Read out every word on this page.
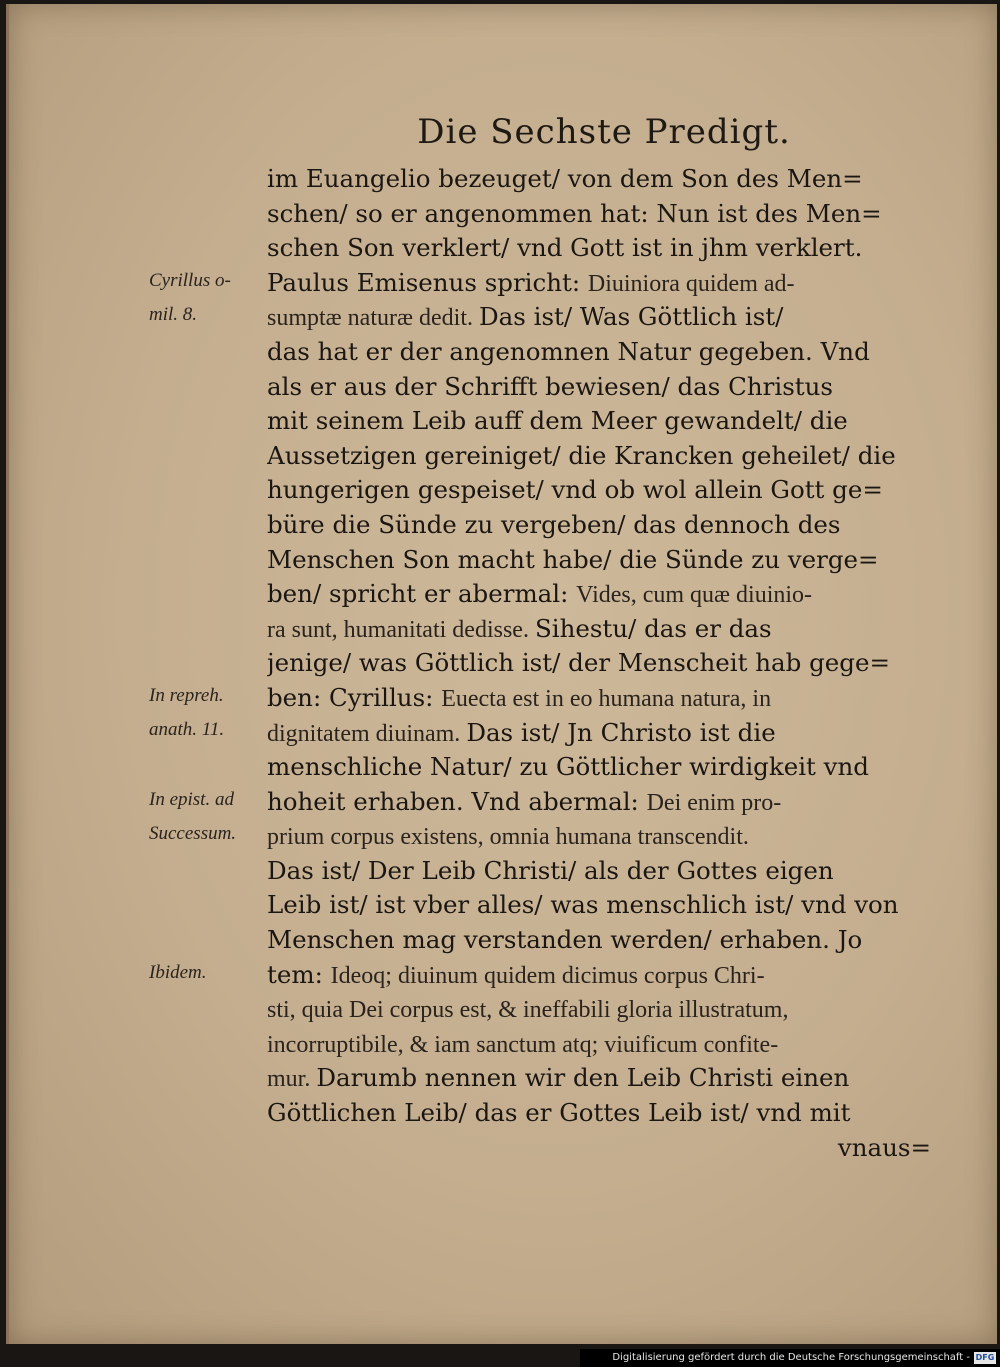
Die Sechste Predigt.
im Euangelio bezeuget/ von dem Son des Men=
schen/ so er angenommen hat: Nun ist des Men=
schen Son verklert/ vnd Gott ist in jhm verklert.
Paulus Emisenus spricht: Diuiniora quidem ad-
sumptæ naturæ dedit. Das ist/ Was Göttlich ist/
das hat er der angenomnen Natur gegeben. Vnd
als er aus der Schrifft bewiesen/ das Christus
mit seinem Leib auff dem Meer gewandelt/ die
Aussetzigen gereiniget/ die Krancken geheilet/ die
hungerigen gespeiset/ vnd ob wol allein Gott ge=
büre die Sünde zu vergeben/ das dennoch des
Menschen Son macht habe/ die Sünde zu verge=
ben/ spricht er abermal: Vides, cum quæ diuinio-
ra sunt, humanitati dedisse. Sihestu/ das er das
jenige/ was Göttlich ist/ der Menscheit hab gege=
ben: Cyrillus: Euecta est in eo humana natura, in
dignitatem diuinam. Das ist/ Jn Christo ist die
menschliche Natur/ zu Göttlicher wirdigkeit vnd
hoheit erhaben. Vnd abermal: Dei enim pro-
prium corpus existens, omnia humana transcendit.
Das ist/ Der Leib Christi/ als der Gottes eigen
Leib ist/ ist vber alles/ was menschlich ist/ vnd von
Menschen mag verstanden werden/ erhaben. Jo
tem: Ideoq; diuinum quidem dicimus corpus Chri-
sti, quia Dei corpus est, & ineffabili gloria illustratum,
incorruptibile, & iam sanctum atq; viuificum confite-
mur. Darumb nennen wir den Leib Christi einen
Göttlichen Leib/ das er Gottes Leib ist/ vnd mit
vnaus=
Cyrillus o-
mil. 8.
In repreh.
anath. 11.
In epist. ad
Successum.
Ibidem.
Digitalisierung gefördert durch die Deutsche Forschungsgemeinschaft - DFG
